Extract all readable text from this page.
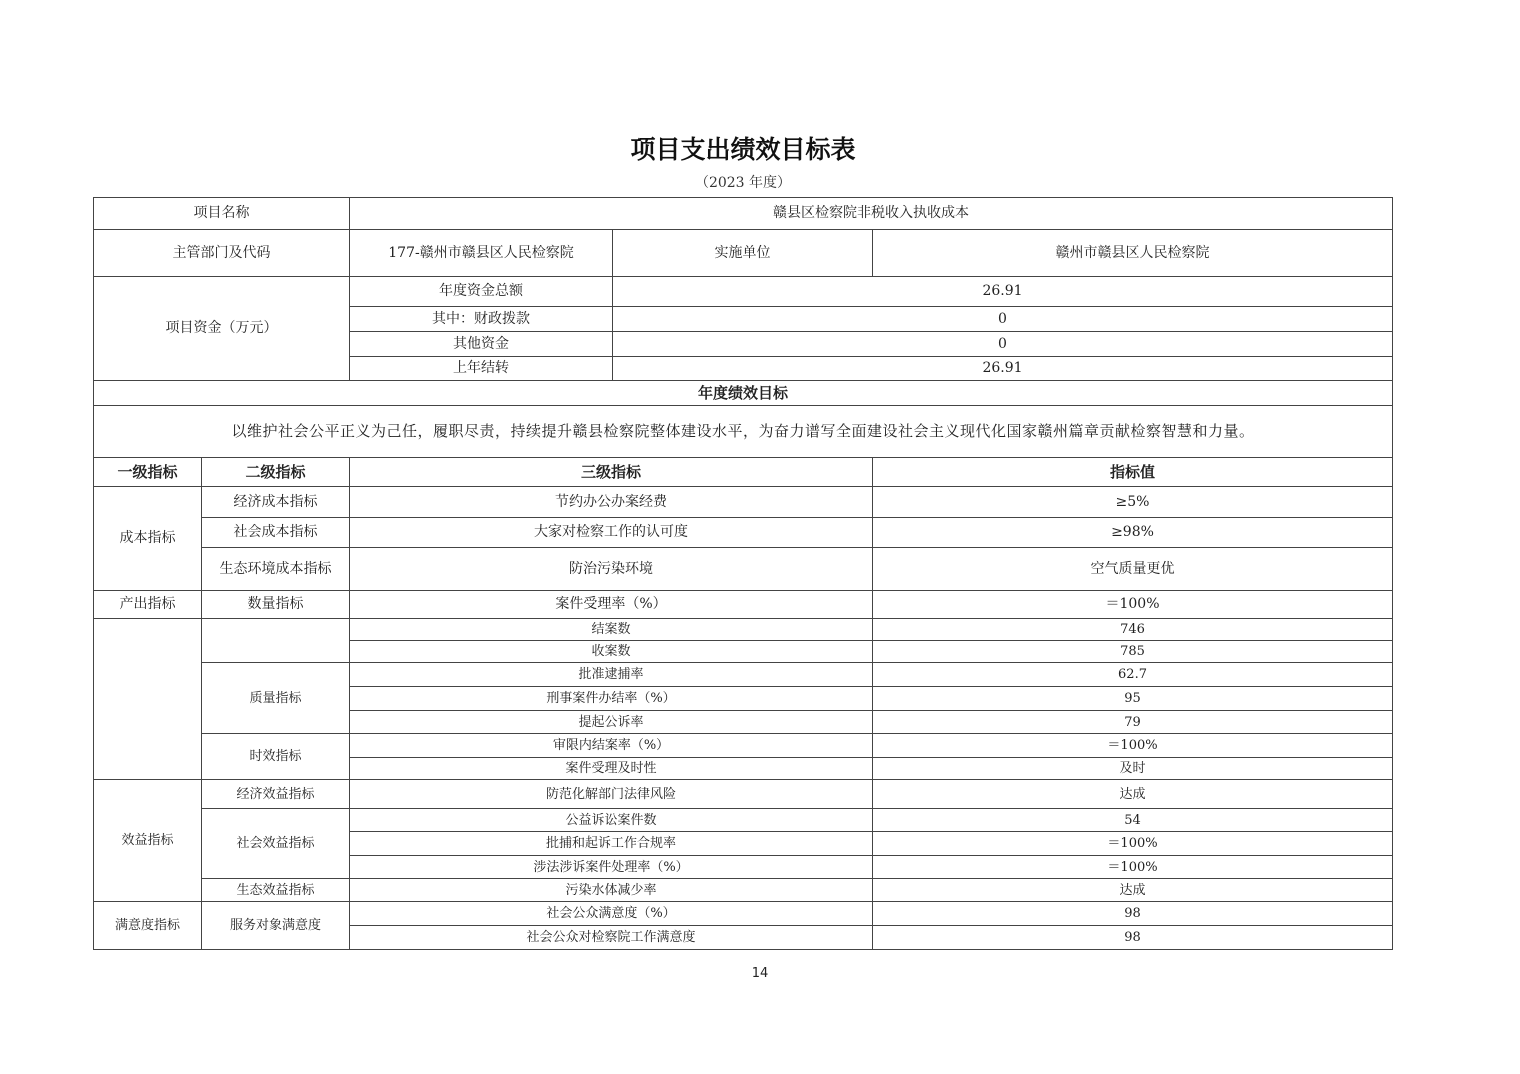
项目支出绩效目标表
（2023 年度）
项目名称		赣县区检察院非税收入执收成本		
主管部门及代码		177-赣州市赣县区人民检察院	实施单位	赣州市赣县区人民检察院
项目资金（万元）		年度资金总额	26.91	
		其中：财政拨款	0	
		其他资金	0	
		上年结转	26.91	
年度绩效目标				
以维护社会公平正义为己任，履职尽责，持续提升赣县检察院整体建设水平，为奋力谱写全面建设社会主义现代化国家赣州篇章贡献检察智慧和力量。				
一级指标	二级指标	三级指标		指标值
成本指标	经济成本指标	节约办公办案经费		≥5%
	社会成本指标	大家对检察工作的认可度		≥98%
	生态环境成本指标	防治污染环境		空气质量更优
产出指标	数量指标	案件受理率（%）		＝100%
		结案数		746
		收案数		785
	质量指标	批准逮捕率		62.7
		刑事案件办结率（%）		95
		提起公诉率		79
	时效指标	审限内结案率（%）		＝100%
		案件受理及时性		及时
效益指标	经济效益指标	防范化解部门法律风险		达成
	社会效益指标	公益诉讼案件数		54
		批捕和起诉工作合规率		＝100%
		涉法涉诉案件处理率（%）		＝100%
	生态效益指标	污染水体减少率		达成
满意度指标	服务对象满意度	社会公众满意度（%）		98
		社会公众对检察院工作满意度		98
14
